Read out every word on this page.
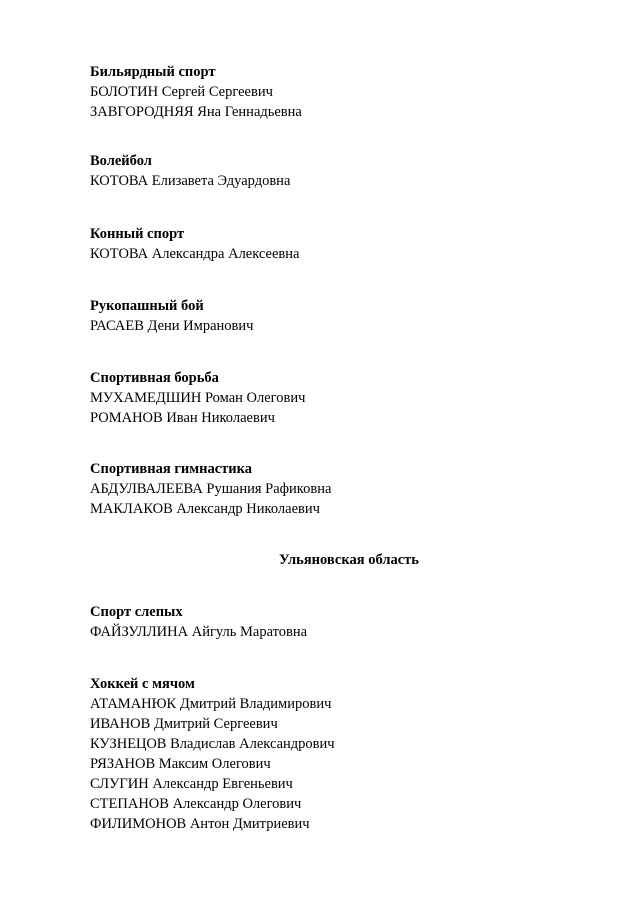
Бильярдный спорт
БОЛОТИН Сергей Сергеевич
ЗАВГОРОДНЯЯ Яна Геннадьевна
Волейбол
КОТОВА Елизавета Эдуардовна
Конный спорт
КОТОВА Александра Алексеевна
Рукопашный бой
РАСАЕВ Дени Имранович
Спортивная борьба
МУХАМЕДШИН Роман Олегович
РОМАНОВ Иван Николаевич
Спортивная гимнастика
АБДУЛВАЛЕЕВА Рушания Рафиковна
МАКЛАКОВ Александр Николаевич
Ульяновская область
Спорт слепых
ФАЙЗУЛЛИНА Айгуль Маратовна
Хоккей с мячом
АТАМАНЮК Дмитрий Владимирович
ИВАНОВ Дмитрий Сергеевич
КУЗНЕЦОВ Владислав Александрович
РЯЗАНОВ Максим Олегович
СЛУГИН Александр Евгеньевич
СТЕПАНОВ Александр Олегович
ФИЛИМОНОВ Антон Дмитриевич
